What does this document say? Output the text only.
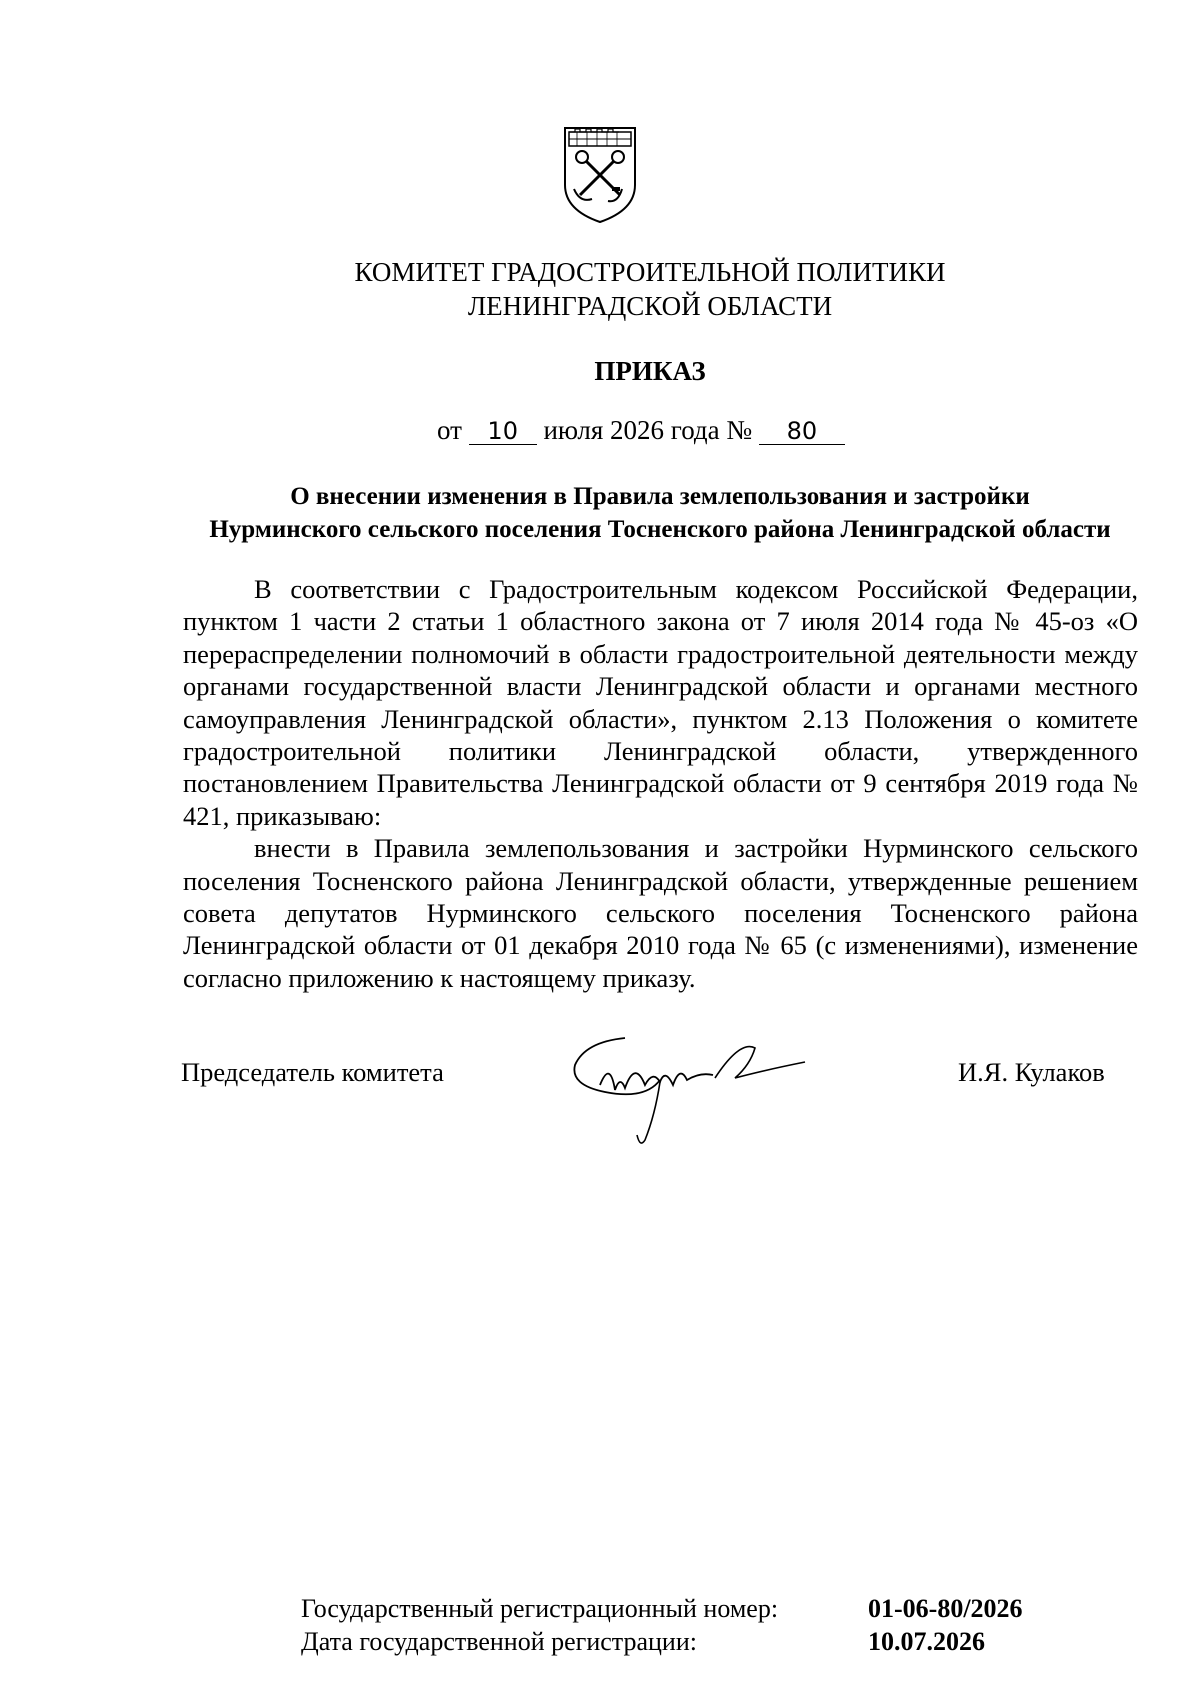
КОМИТЕТ ГРАДОСТРОИТЕЛЬНОЙ ПОЛИТИКИ
ЛЕНИНГРАДСКОЙ ОБЛАСТИ
ПРИКАЗ
от 10 июля 2026 года № 80
О внесении изменения в Правила землепользования и застройки
Нурминского сельского поселения Тосненского района Ленинградской области

В соответствии с Градостроительным кодексом Российской Федерации, пунктом 1 части 2 статьи 1 областного закона от 7 июля 2014 года № 45-оз «О перераспределении полномочий в области градостроительной деятельности между органами государственной власти Ленинградской области и органами местного самоуправления Ленинградской области», пунктом 2.13 Положения о комитете градостроительной политики Ленинградской области, утвержденного постановлением Правительства Ленинградской области от 9 сентября 2019 года № 421, приказываю:

внести в Правила землепользования и застройки Нурминского сельского поселения Тосненского района Ленинградской области, утвержденные решением совета депутатов Нурминского сельского поселения Тосненского района Ленинградской области от 01 декабря 2010 года № 65 (с изменениями), изменение согласно приложению к настоящему приказу.

Председатель комитета	И.Я. Кулаков
Государственный регистрационный номер:	01-06-80/2026
Дата государственной регистрации:	10.07.2026
